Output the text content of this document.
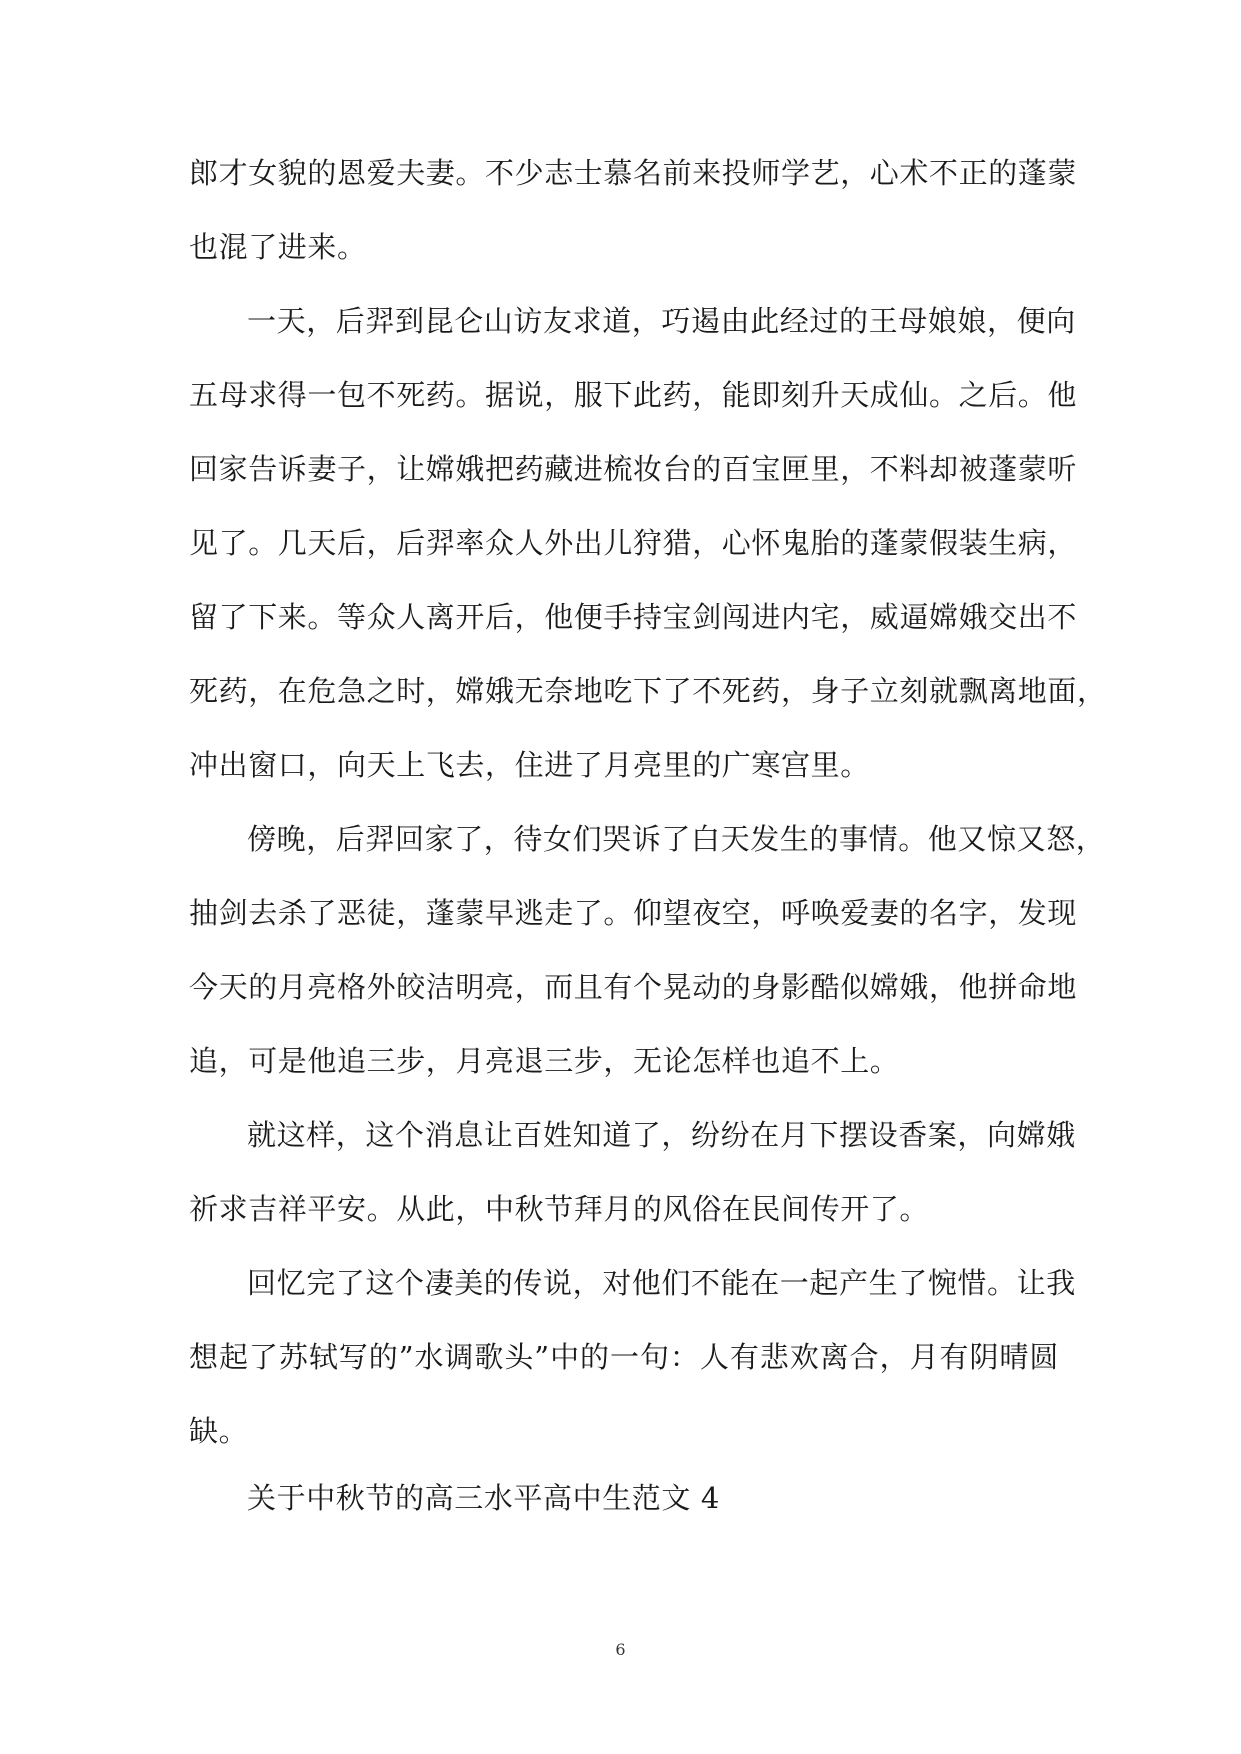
郎才女貌的恩爱夫妻。不少志士慕名前来投师学艺，心术不正的蓬蒙
也混了进来。
一天，后羿到昆仑山访友求道，巧遏由此经过的王母娘娘，便向
五母求得一包不死药。据说，服下此药，能即刻升天成仙。之后。他
回家告诉妻子，让嫦娥把药藏进梳妆台的百宝匣里，不料却被蓬蒙听
见了。几天后，后羿率众人外出儿狩猎，心怀鬼胎的蓬蒙假装生病，
留了下来。等众人离开后，他便手持宝剑闯进内宅，威逼嫦娥交出不
死药，在危急之时，嫦娥无奈地吃下了不死药，身子立刻就飘离地面，
冲出窗口，向天上飞去，住进了月亮里的广寒宫里。
傍晚，后羿回家了，待女们哭诉了白天发生的事情。他又惊又怒，
抽剑去杀了恶徒，蓬蒙早逃走了。仰望夜空，呼唤爱妻的名字，发现
今天的月亮格外皎洁明亮，而且有个晃动的身影酷似嫦娥，他拼命地
追，可是他追三步，月亮退三步，无论怎样也追不上。
就这样，这个消息让百姓知道了，纷纷在月下摆设香案，向嫦娥
祈求吉祥平安。从此，中秋节拜月的风俗在民间传开了。
回忆完了这个凄美的传说，对他们不能在一起产生了惋惜。让我
想起了苏轼写的”水调歌头”中的一句：人有悲欢离合，月有阴晴圆
缺。
关于中秋节的高三水平高中生范文 4
6
